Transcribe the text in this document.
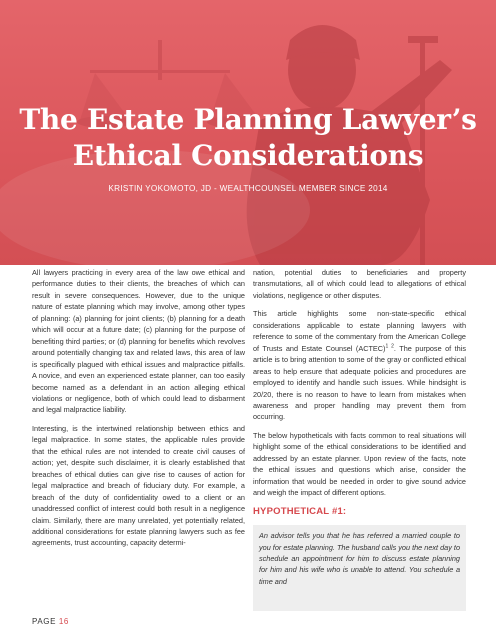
The Estate Planning Lawyer’s
Ethical Considerations
KRISTIN YOKOMOTO, JD - WEALTHCOUNSEL MEMBER SINCE 2014

All lawyers practicing in every area of the law owe ethical and performance duties to their clients, the breaches of which can result in severe consequences. However, due to the unique nature of estate planning which may involve, among other types of planning: (a) planning for joint clients; (b) planning for a death which will occur at a future date; (c) planning for the purpose of benefiting third parties; or (d) planning for benefits which revolves around potentially changing tax and related laws, this area of law is specifically plagued with ethical issues and malpractice pitfalls. A novice, and even an experienced estate planner, can too easily become named as a defendant in an action alleging ethical violations or negligence, both of which could lead to disbarment and legal malpractice liability.

Interesting, is the intertwined relationship between ethics and legal malpractice. In some states, the applicable rules provide that the ethical rules are not intended to create civil causes of action; yet, despite such disclaimer, it is clearly established that breaches of ethical duties can give rise to causes of action for legal malpractice and breach of fiduciary duty. For example, a breach of the duty of confidentiality owed to a client or an unaddressed conflict of interest could both result in a negligence claim. Similarly, there are many unrelated, yet potentially related, additional considerations for estate planning lawyers such as fee agreements, trust accounting, capacity determi-

nation, potential duties to beneficiaries and property transmutations, all of which could lead to allegations of ethical violations, negligence or other disputes.

This article highlights some non-state-specific ethical considerations applicable to estate planning lawyers with reference to some of the commentary from the American College of Trusts and Estate Counsel (ACTEC)$^{1 2}$. The purpose of this article is to bring attention to some of the gray or conflicted ethical areas to help ensure that adequate policies and procedures are employed to identify and handle such issues. While hindsight is 20/20, there is no reason to have to learn from mistakes when awareness and proper handling may prevent them from occurring.

The below hypotheticals with facts common to real situations will highlight some of the ethical considerations to be identified and addressed by an estate planner. Upon review of the facts, note the ethical issues and questions which arise, consider the information that would be needed in order to give sound advice and weigh the impact of different options.

HYPOTHETICAL #1:
An advisor tells you that he has referred a married couple to you for estate planning. The husband calls you the next day to schedule an appointment for him to discuss estate planning for him and his wife who is unable to attend. You schedule a time and
PAGE 16
